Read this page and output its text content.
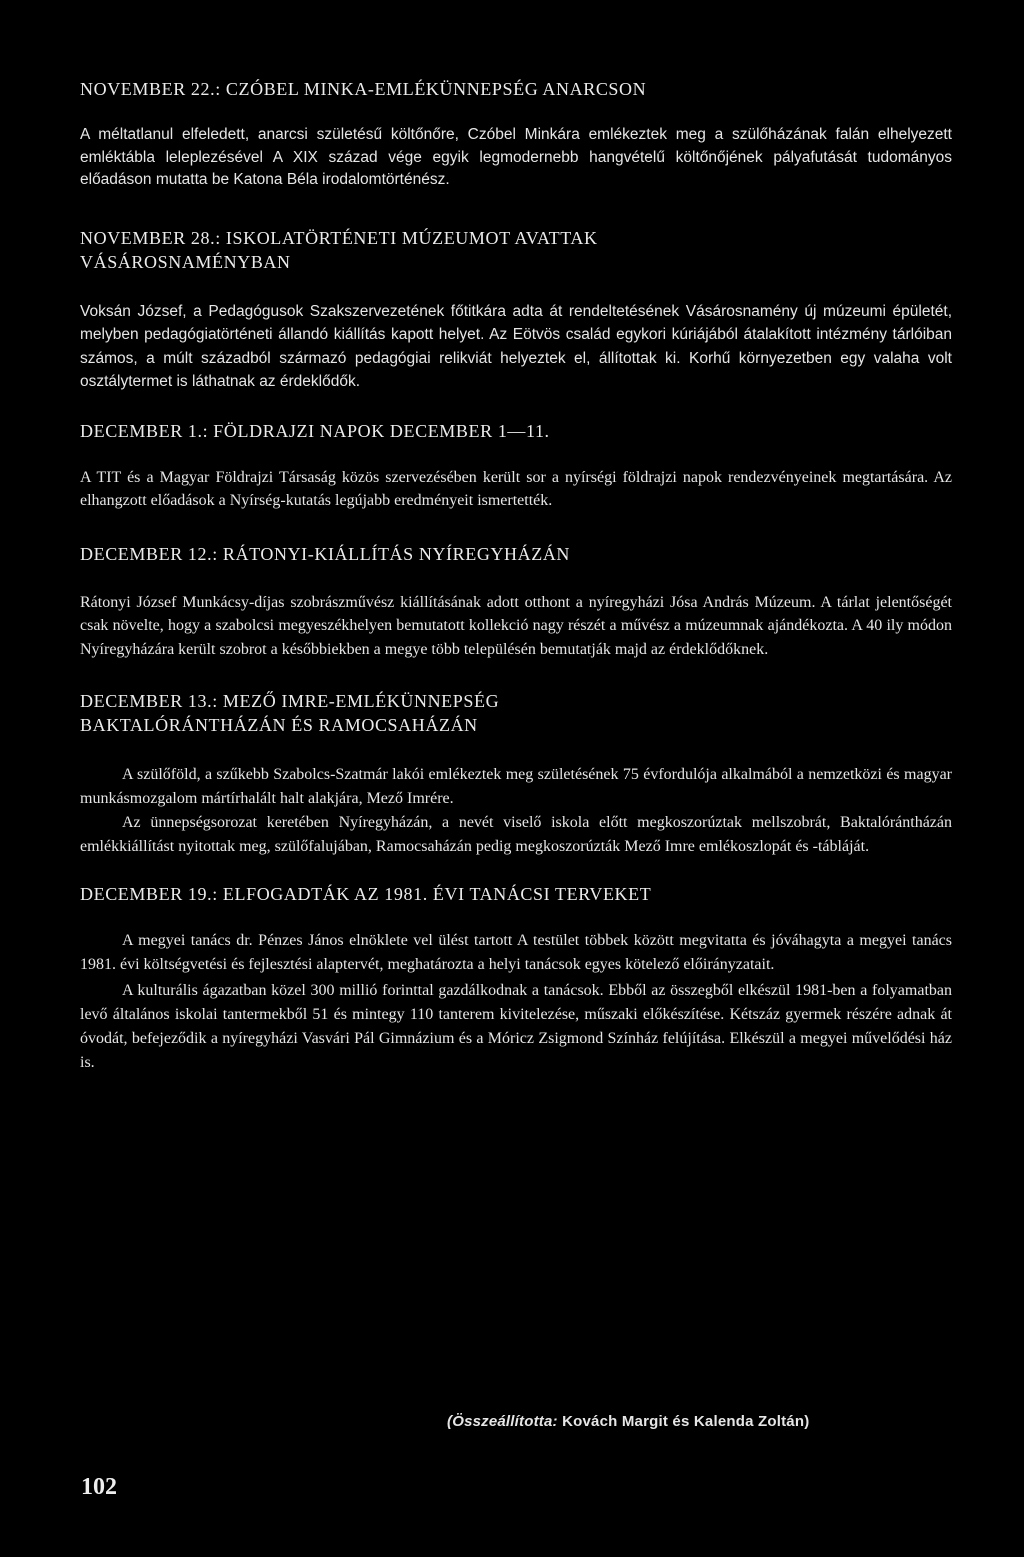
NOVEMBER 22.: CZÓBEL MINKA-EMLÉKÜNNEPSÉG ANARCSON

A méltatlanul elfeledett, anarcsi születésű költőnőre, Czóbel Minkára emlékeztek meg a szülőházának falán elhelyezett emléktábla leleplezésével A XIX század vége egyik legmodernebb hangvételű költőnőjének pályafutását tudományos előadáson mutatta be Katona Béla irodalomtörténész.

NOVEMBER 28.: ISKOLATÖRTÉNETI MÚZEUMOT AVATTAK VÁSÁROSNAMÉNYBAN

Voksán József, a Pedagógusok Szakszervezetének főtitkára adta át rendeltetésének Vásárosnamény új múzeumi épületét, melyben pedagógiatörténeti állandó kiállítás kapott helyet. Az Eötvös család egykori kúriájából átalakított intézmény tárlóiban számos, a múlt századból származó pedagógiai relikviát helyeztek el, állítottak ki. Korhű környezetben egy valaha volt osztálytermet is láthatnak az érdeklődők.

DECEMBER 1.: FÖLDRAJZI NAPOK DECEMBER 1—11.

A TIT és a Magyar Földrajzi Társaság közös szervezésében került sor a nyírségi földrajzi napok rendezvényeinek megtartására. Az elhangzott előadások a Nyírség-kutatás legújabb eredményeit ismertették.

DECEMBER 12.: RÁTONYI-KIÁLLÍTÁS NYÍREGYHÁZÁN

Rátonyi József Munkácsy-díjas szobrászművész kiállításának adott otthont a nyíregyházi Jósa András Múzeum. A tárlat jelentőségét csak növelte, hogy a szabolcsi megyeszékhelyen bemutatott kollekció nagy részét a művész a múzeumnak ajándékozta. A 40 ily módon Nyíregyházára került szobrot a későbbiekben a megye több településén bemutatják majd az érdeklődőknek.

DECEMBER 13.: MEZŐ IMRE-EMLÉKÜNNEPSÉG BAKTALÓRÁNTHÁZÁN ÉS RAMOCSAHÁZÁN

A szülőföld, a szűkebb Szabolcs-Szatmár lakói emlékeztek meg születésének 75 évfordulója alkalmából a nemzetközi és magyar munkásmozgalom mártírhalált halt alakjára, Mező Imrére.

Az ünnepségsorozat keretében Nyíregyházán, a nevét viselő iskola előtt megkoszorúztak mellszobrát, Baktalórántházán emlékkiállítást nyitottak meg, szülőfalujában, Ramocsaházán pedig megkoszorúzták Mező Imre emlékoszlopát és -tábláját.

DECEMBER 19.: ELFOGADTÁK AZ 1981. ÉVI TANÁCSI TERVEKET

A megyei tanács dr. Pénzes János elnöklete vel ülést tartott A testület többek között megvitatta és jóváhagyta a megyei tanács 1981. évi költségvetési és fejlesztési alaptervét, meghatározta a helyi tanácsok egyes kötelező előirányzatait.

A kulturális ágazatban közel 300 millió forinttal gazdálkodnak a tanácsok. Ebből az összegből elkészül 1981-ben a folyamatban levő általános iskolai tantermekből 51 és mintegy 110 tanterem kivitelezése, műszaki előkészítése. Kétszáz gyermek részére adnak át óvodát, befejeződik a nyíregyházi Vasvári Pál Gimnázium és a Móricz Zsigmond Színház felújítása. Elkészül a megyei művelődési ház is.

(Összeállította: Kovách Margit és Kalenda Zoltán)
102
